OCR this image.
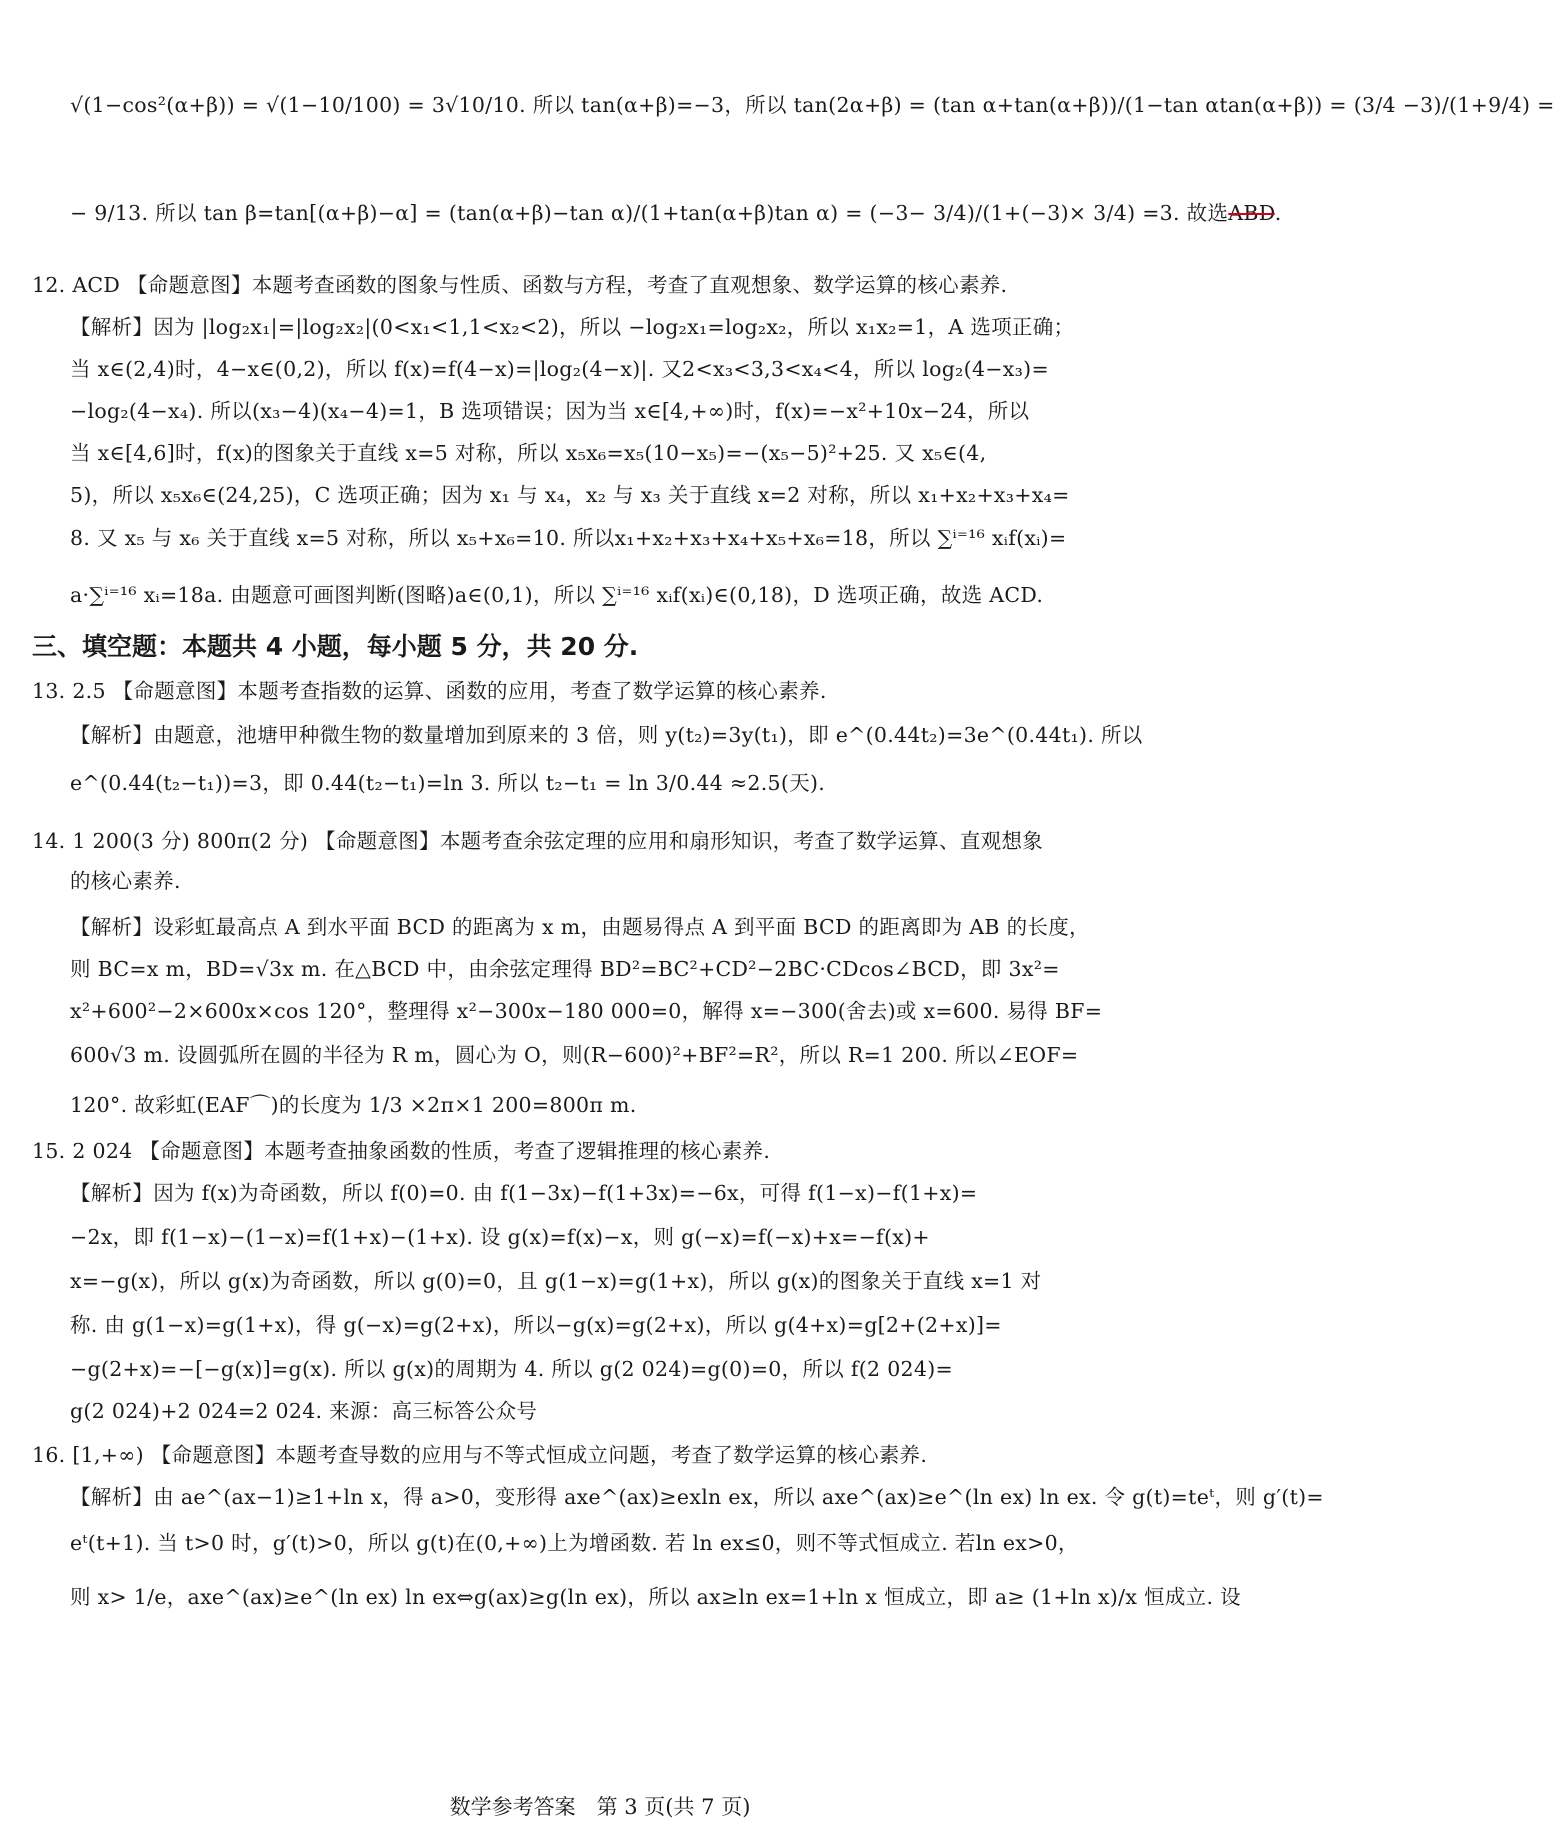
√(1−cos²(α+β)) = √(1−10/100) = 3√10/10. 所以 tan(α+β)=−3，所以 tan(2α+β) = (tan α+tan(α+β))/(1−tan αtan(α+β)) = (3/4 −3)/(1+9/4) =
− 9/13. 所以 tan β=tan[(α+β)−α] = (tan(α+β)−tan α)/(1+tan(α+β)tan α) = (−3− 3/4)/(1+(−3)× 3/4) =3. 故选ABD.
12. ACD 【命题意图】本题考查函数的图象与性质、函数与方程，考查了直观想象、数学运算的核心素养.
【解析】因为 |log₂x₁|=|log₂x₂|(0<x₁<1,1<x₂<2)，所以 −log₂x₁=log₂x₂，所以 x₁x₂=1，A 选项正确；
当 x∈(2,4)时，4−x∈(0,2)，所以 f(x)=f(4−x)=|log₂(4−x)|. 又2<x₃<3,3<x₄<4，所以 log₂(4−x₃)=
−log₂(4−x₄). 所以(x₃−4)(x₄−4)=1，B 选项错误；因为当 x∈[4,+∞)时，f(x)=−x²+10x−24，所以
当 x∈[4,6]时，f(x)的图象关于直线 x=5 对称，所以 x₅x₆=x₅(10−x₅)=−(x₅−5)²+25. 又 x₅∈(4,
5)，所以 x₅x₆∈(24,25)，C 选项正确；因为 x₁ 与 x₄，x₂ 与 x₃ 关于直线 x=2 对称，所以 x₁+x₂+x₃+x₄=
8. 又 x₅ 与 x₆ 关于直线 x=5 对称，所以 x₅+x₆=10. 所以x₁+x₂+x₃+x₄+x₅+x₆=18，所以 ∑ⁱ⁼¹⁶ xᵢf(xᵢ)=
a·∑ⁱ⁼¹⁶ xᵢ=18a. 由题意可画图判断(图略)a∈(0,1)，所以 ∑ⁱ⁼¹⁶ xᵢf(xᵢ)∈(0,18)，D 选项正确，故选 ACD.
三、填空题：本题共 4 小题，每小题 5 分，共 20 分.
13. 2.5 【命题意图】本题考查指数的运算、函数的应用，考查了数学运算的核心素养.
【解析】由题意，池塘甲种微生物的数量增加到原来的 3 倍，则 y(t₂)=3y(t₁)，即 e^(0.44t₂)=3e^(0.44t₁). 所以
e^(0.44(t₂−t₁))=3，即 0.44(t₂−t₁)=ln 3. 所以 t₂−t₁ = ln 3/0.44 ≈2.5(天).
14. 1 200(3 分) 800π(2 分) 【命题意图】本题考查余弦定理的应用和扇形知识，考查了数学运算、直观想象
的核心素养.
【解析】设彩虹最高点 A 到水平面 BCD 的距离为 x m，由题易得点 A 到平面 BCD 的距离即为 AB 的长度，
则 BC=x m，BD=√3x m. 在△BCD 中，由余弦定理得 BD²=BC²+CD²−2BC·CDcos∠BCD，即 3x²=
x²+600²−2×600x×cos 120°，整理得 x²−300x−180 000=0，解得 x=−300(舍去)或 x=600. 易得 BF=
600√3 m. 设圆弧所在圆的半径为 R m，圆心为 O，则(R−600)²+BF²=R²，所以 R=1 200. 所以∠EOF=
120°. 故彩虹(EAF⌒)的长度为 1/3 ×2π×1 200=800π m.
15. 2 024 【命题意图】本题考查抽象函数的性质，考查了逻辑推理的核心素养.
【解析】因为 f(x)为奇函数，所以 f(0)=0. 由 f(1−3x)−f(1+3x)=−6x，可得 f(1−x)−f(1+x)=
−2x，即 f(1−x)−(1−x)=f(1+x)−(1+x). 设 g(x)=f(x)−x，则 g(−x)=f(−x)+x=−f(x)+
x=−g(x)，所以 g(x)为奇函数，所以 g(0)=0，且 g(1−x)=g(1+x)，所以 g(x)的图象关于直线 x=1 对
称. 由 g(1−x)=g(1+x)，得 g(−x)=g(2+x)，所以−g(x)=g(2+x)，所以 g(4+x)=g[2+(2+x)]=
−g(2+x)=−[−g(x)]=g(x). 所以 g(x)的周期为 4. 所以 g(2 024)=g(0)=0，所以 f(2 024)=
g(2 024)+2 024=2 024. 来源：高三标答公众号
16. [1,+∞) 【命题意图】本题考查导数的应用与不等式恒成立问题，考查了数学运算的核心素养.
【解析】由 ae^(ax−1)≥1+ln x，得 a>0，变形得 axe^(ax)≥exln ex，所以 axe^(ax)≥e^(ln ex) ln ex. 令 g(t)=teᵗ，则 g′(t)=
eᵗ(t+1). 当 t>0 时，g′(t)>0，所以 g(t)在(0,+∞)上为增函数. 若 ln ex≤0，则不等式恒成立. 若ln ex>0，
则 x> 1/e，axe^(ax)≥e^(ln ex) ln ex⇔g(ax)≥g(ln ex)，所以 ax≥ln ex=1+ln x 恒成立，即 a≥ (1+ln x)/x 恒成立. 设
数学参考答案　第 3 页(共 7 页)
